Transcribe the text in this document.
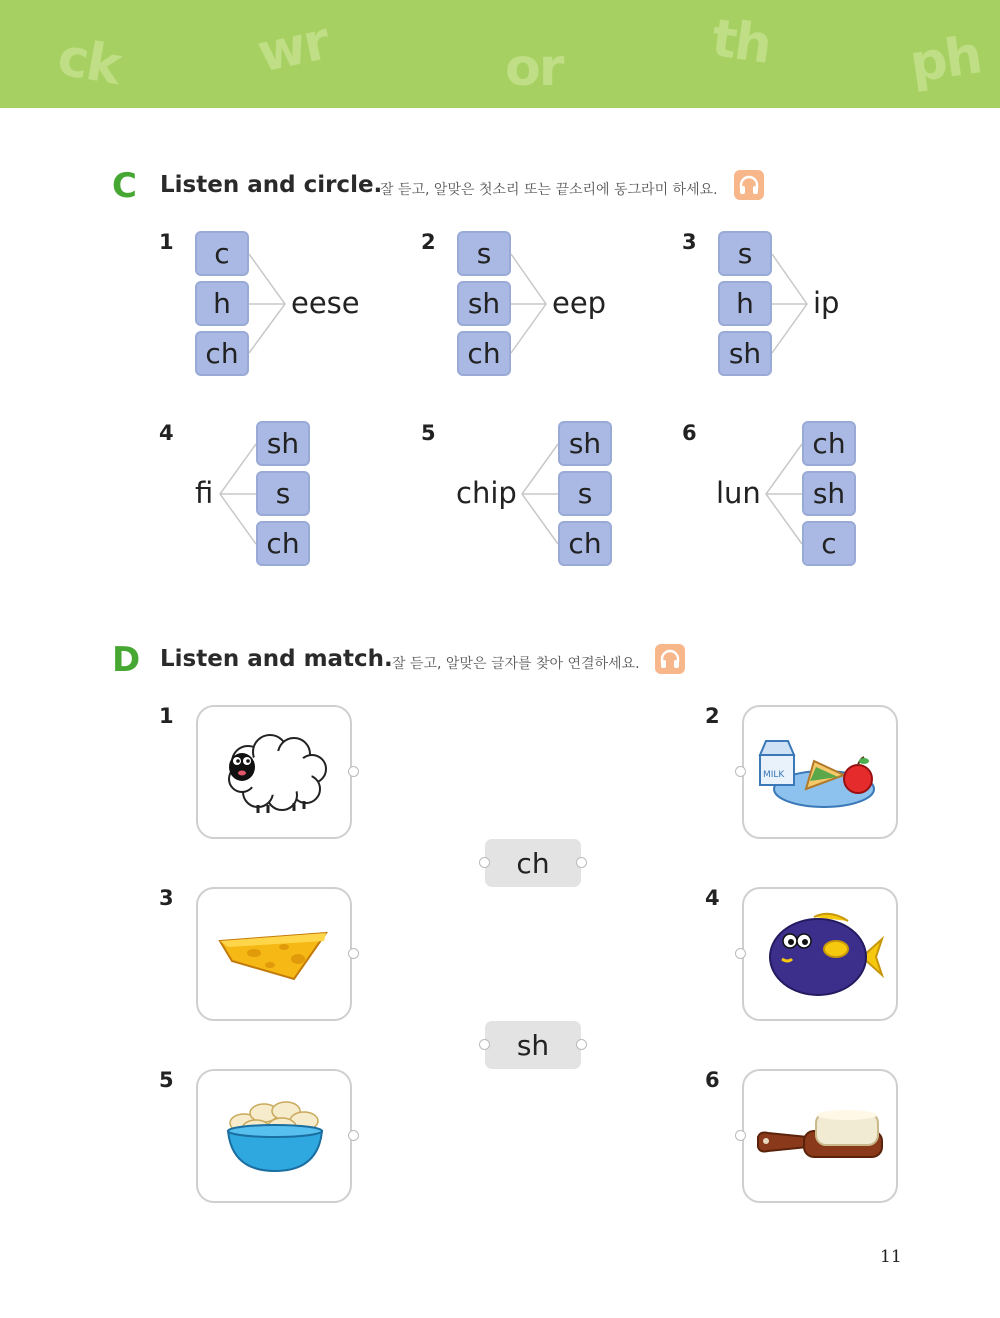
ck wr	or	th	ph
C Listen and circle.
잘 듣고, 알맞은 첫소리 또는 끝소리에 동그라미 하세요.
1	c
h
ch
eese
2	s
sh
ch
eep
3	s
h
sh
ip
4
fi
sh
s
ch
5
chip
sh
s
ch
6
lun
ch
sh
c
D Listen and match. 잘 듣고, 알맞은 글자를 찾아 연결하세요.
1	2
3	4
5	6
MILK
ch
sh
11
